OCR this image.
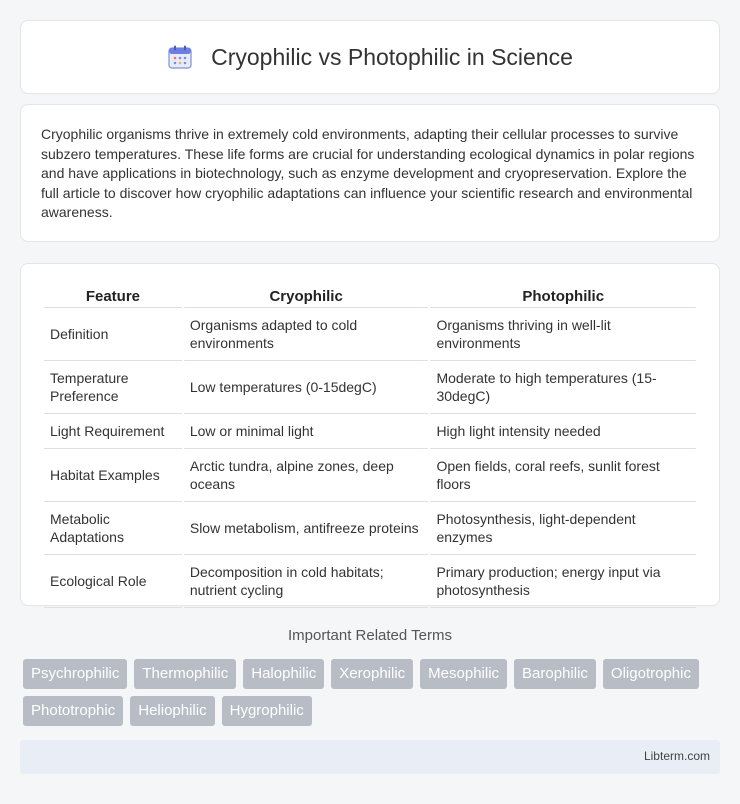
Cryophilic vs Photophilic in Science

Cryophilic organisms thrive in extremely cold environments, adapting their cellular processes to survive subzero temperatures. These life forms are crucial for understanding ecological dynamics in polar regions and have applications in biotechnology, such as enzyme development and cryopreservation. Explore the full article to discover how cryophilic adaptations can influence your scientific research and environmental awareness.

Feature	Cryophilic	Photophilic
Definition	Organisms adapted to cold environments	Organisms thriving in well-lit environments
Temperature Preference	Low temperatures (0-15degC)	Moderate to high temperatures (15-30degC)
Light Requirement	Low or minimal light	High light intensity needed
Habitat Examples	Arctic tundra, alpine zones, deep oceans	Open fields, coral reefs, sunlit forest floors
Metabolic Adaptations	Slow metabolism, antifreeze proteins	Photosynthesis, light-dependent enzymes
Ecological Role	Decomposition in cold habitats; nutrient cycling	Primary production; energy input via photosynthesis
Important Related Terms
Psychrophilic	Thermophilic	Halophilic	Xerophilic	Mesophilic	Barophilic	Oligotrophic
Phototrophic	Heliophilic	Hygrophilic
Libterm.com
